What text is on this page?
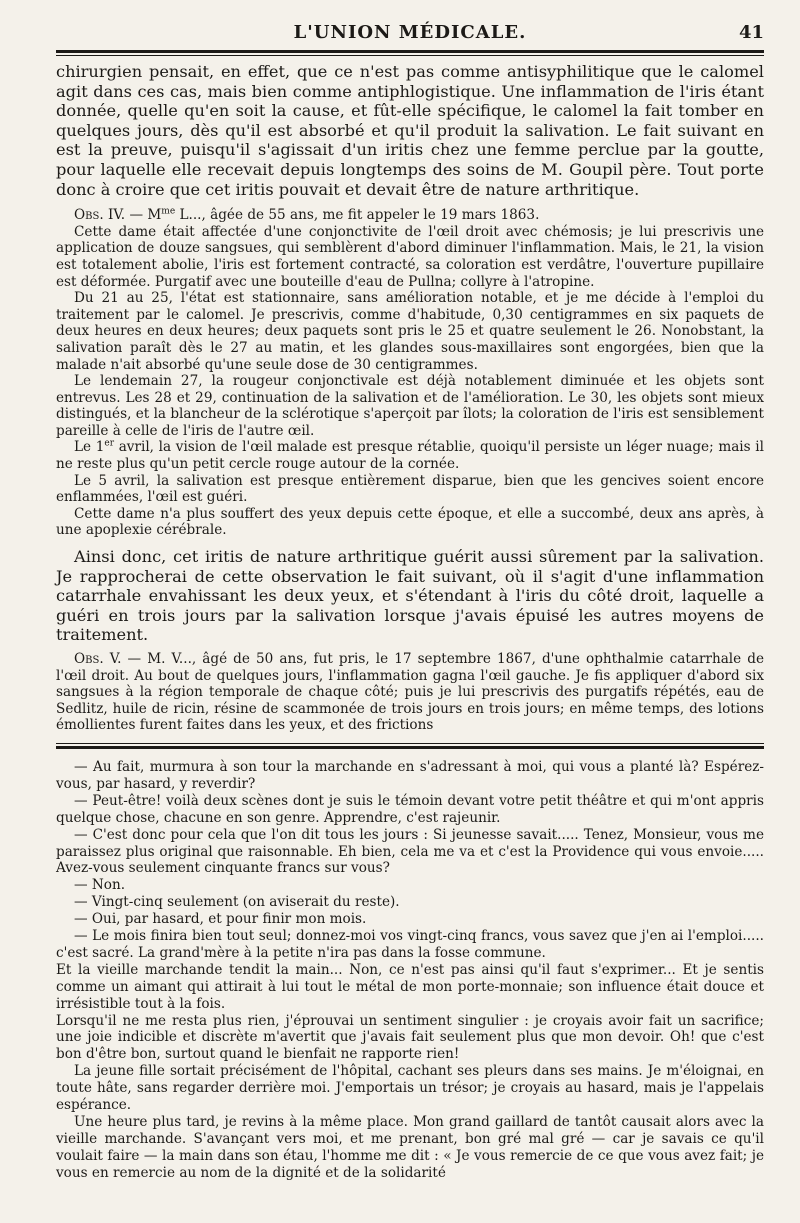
L'UNION MÉDICALE.	41

chirurgien pensait, en effet, que ce n'est pas comme antisyphilitique que le calomel agit dans ces cas, mais bien comme antiphlogistique. Une inflammation de l'iris étant donnée, quelle qu'en soit la cause, et fût-elle spécifique, le calomel la fait tomber en quelques jours, dès qu'il est absorbé et qu'il produit la salivation. Le fait suivant en est la preuve, puisqu'il s'agissait d'un iritis chez une femme perclue par la goutte, pour laquelle elle recevait depuis longtemps des soins de M. Goupil père. Tout porte donc à croire que cet iritis pouvait et devait être de nature arthritique.

Obs. IV. — $M^{me}$ L..., âgée de 55 ans, me fit appeler le 19 mars 1863.

Cette dame était affectée d'une conjonctivite de l'œil droit avec chémosis; je lui prescrivis une application de douze sangsues, qui semblèrent d'abord diminuer l'inflammation. Mais, le 21, la vision est totalement abolie, l'iris est fortement contracté, sa coloration est verdâtre, l'ouverture pupillaire est déformée. Purgatif avec une bouteille d'eau de Pullna; collyre à l'atropine.

Du 21 au 25, l'état est stationnaire, sans amélioration notable, et je me décide à l'emploi du traitement par le calomel. Je prescrivis, comme d'habitude, 0,30 centigrammes en six paquets de deux heures en deux heures; deux paquets sont pris le 25 et quatre seulement le 26. Nonobstant, la salivation paraît dès le 27 au matin, et les glandes sous-maxillaires sont engorgées, bien que la malade n'ait absorbé qu'une seule dose de 30 centigrammes.

Le lendemain 27, la rougeur conjonctivale est déjà notablement diminuée et les objets sont entrevus. Les 28 et 29, continuation de la salivation et de l'amélioration. Le 30, les objets sont mieux distingués, et la blancheur de la sclérotique s'aperçoit par îlots; la coloration de l'iris est sensiblement pareille à celle de l'iris de l'autre œil.

Le 1er avril, la vision de l'œil malade est presque rétablie, quoiqu'il persiste un léger nuage; mais il ne reste plus qu'un petit cercle rouge autour de la cornée.

Le 5 avril, la salivation est presque entièrement disparue, bien que les gencives soient encore enflammées, l'œil est guéri.

Cette dame n'a plus souffert des yeux depuis cette époque, et elle a succombé, deux ans après, à une apoplexie cérébrale.

Ainsi donc, cet iritis de nature arthritique guérit aussi sûrement par la salivation. Je rapprocherai de cette observation le fait suivant, où il s'agit d'une inflammation catarrhale envahissant les deux yeux, et s'étendant à l'iris du côté droit, laquelle a guéri en trois jours par la salivation lorsque j'avais épuisé les autres moyens de traitement.

Obs. V. — M. V..., âgé de 50 ans, fut pris, le 17 septembre 1867, d'une ophthalmie catarrhale de l'œil droit. Au bout de quelques jours, l'inflammation gagna l'œil gauche. Je fis appliquer d'abord six sangsues à la région temporale de chaque côté; puis je lui prescrivis des purgatifs répétés, eau de Sedlitz, huile de ricin, résine de scammonée de trois jours en trois jours; en même temps, des lotions émollientes furent faites dans les yeux, et des frictions

— Au fait, murmura à son tour la marchande en s'adressant à moi, qui vous a planté là? Espérez-vous, par hasard, y reverdir?

— Peut-être! voilà deux scènes dont je suis le témoin devant votre petit théâtre et qui m'ont appris quelque chose, chacune en son genre. Apprendre, c'est rajeunir.

— C'est donc pour cela que l'on dit tous les jours : Si jeunesse savait..... Tenez, Monsieur, vous me paraissez plus original que raisonnable. Eh bien, cela me va et c'est la Providence qui vous envoie..... Avez-vous seulement cinquante francs sur vous?

— Non.

— Vingt-cinq seulement (on aviserait du reste).

— Oui, par hasard, et pour finir mon mois.

— Le mois finira bien tout seul; donnez-moi vos vingt-cinq francs, vous savez que j'en ai l'emploi..... c'est sacré. La grand'mère à la petite n'ira pas dans la fosse commune.

Et la vieille marchande tendit la main... Non, ce n'est pas ainsi qu'il faut s'exprimer... Et je sentis comme un aimant qui attirait à lui tout le métal de mon porte-monnaie; son influence était douce et irrésistible tout à la fois.

Lorsqu'il ne me resta plus rien, j'éprouvai un sentiment singulier : je croyais avoir fait un sacrifice; une joie indicible et discrète m'avertit que j'avais fait seulement plus que mon devoir. Oh! que c'est bon d'être bon, surtout quand le bienfait ne rapporte rien!

La jeune fille sortait précisément de l'hôpital, cachant ses pleurs dans ses mains. Je m'éloignai, en toute hâte, sans regarder derrière moi. J'emportais un trésor; je croyais au hasard, mais je l'appelais espérance.

Une heure plus tard, je revins à la même place. Mon grand gaillard de tantôt causait alors avec la vieille marchande. S'avançant vers moi, et me prenant, bon gré mal gré — car je savais ce qu'il voulait faire — la main dans son étau, l'homme me dit : « Je vous remercie de ce que vous avez fait; je vous en remercie au nom de la dignité et de la solidarité
